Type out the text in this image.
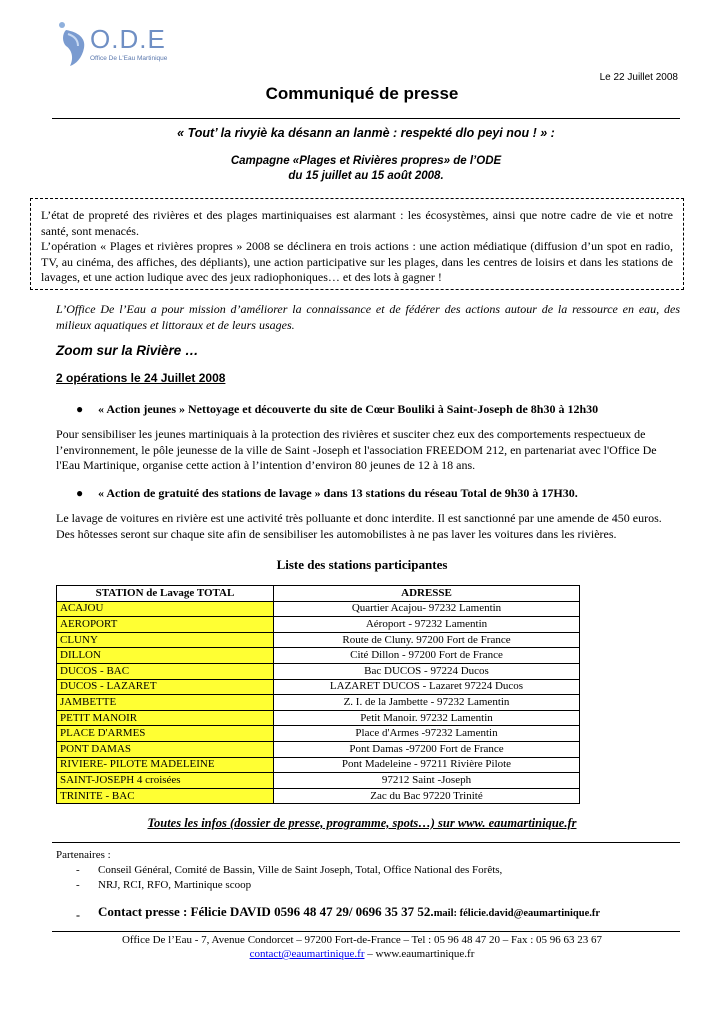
O.D.E
Office De L'Eau Martinique
Le 22 Juillet 2008
Communiqué de presse
« Tout’ la rivyiè ka désann an lanmè : respekté dlo peyi nou ! » :
Campagne «Plages et Rivières propres» de l’ODE
du 15 juillet au 15 août 2008.

L’état de propreté des rivières et des plages martiniquaises est alarmant : les écosystèmes, ainsi que notre cadre de vie et notre santé, sont menacés.

L’opération « Plages et rivières propres » 2008 se déclinera en trois actions : une action médiatique (diffusion d’un spot en radio, TV, au cinéma, des affiches, des dépliants), une action participative sur les plages, dans les centres de loisirs et dans les stations de lavages, et une action ludique avec des jeux radiophoniques… et des lots à gagner !

L’Office De l’Eau a pour mission d’améliorer la connaissance et de fédérer des actions autour de la ressource en eau, des milieux aquatiques et littoraux et de leurs usages.
Zoom sur la Rivière …
2 opérations le 24 Juillet 2008
● « Action jeunes » Nettoyage et découverte du site de Cœur Bouliki à Saint-Joseph de 8h30 à 12h30
Pour sensibiliser les jeunes martiniquais à la protection des rivières et susciter chez eux des comportements respectueux de l’environnement, le pôle jeunesse de la ville de Saint -Joseph et l'association FREEDOM 212, en partenariat avec l'Office De l'Eau Martinique, organise cette action à l’intention d’environ 80 jeunes de 12 à 18 ans.
● « Action de gratuité des stations de lavage » dans 13 stations du réseau Total de 9h30 à 17H30.
Le lavage de voitures en rivière est une activité très polluante et donc interdite. Il est sanctionné par une amende de 450 euros. Des hôtesses seront sur chaque site afin de sensibiliser les automobilistes à ne pas laver les voitures dans les rivières.
Liste des stations participantes
STATION de Lavage TOTAL	ADRESSE
ACAJOU	Quartier Acajou- 97232 Lamentin
AEROPORT	Aéroport - 97232 Lamentin
CLUNY	Route de Cluny. 97200 Fort de France
DILLON	Cité Dillon - 97200 Fort de France
DUCOS - BAC	Bac DUCOS - 97224 Ducos
DUCOS - LAZARET	LAZARET DUCOS - Lazaret 97224 Ducos
JAMBETTE	Z. I. de la Jambette - 97232 Lamentin
PETIT MANOIR	Petit Manoir. 97232 Lamentin
PLACE D'ARMES	Place d'Armes -97232 Lamentin
PONT DAMAS	Pont Damas -97200 Fort de France
RIVIERE- PILOTE MADELEINE	Pont Madeleine - 97211 Rivière Pilote
SAINT-JOSEPH 4 croisées	97212 Saint -Joseph
TRINITE - BAC	Zac du Bac 97220 Trinité
Toutes les infos (dossier de presse, programme, spots…) sur www. eaumartinique.fr
Partenaires :
- Conseil Général, Comité de Bassin, Ville de Saint Joseph, Total, Office National des Forêts,
- NRJ, RCI, RFO, Martinique scoop
- Contact presse : Félicie DAVID 0596 48 47 29/ 0696 35 37 52.mail: félicie.david@eaumartinique.fr
Office De l’Eau - 7, Avenue Condorcet – 97200 Fort-de-France – Tel : 05 96 48 47 20 – Fax : 05 96 63 23 67
contact@eaumartinique.fr – www.eaumartinique.fr
